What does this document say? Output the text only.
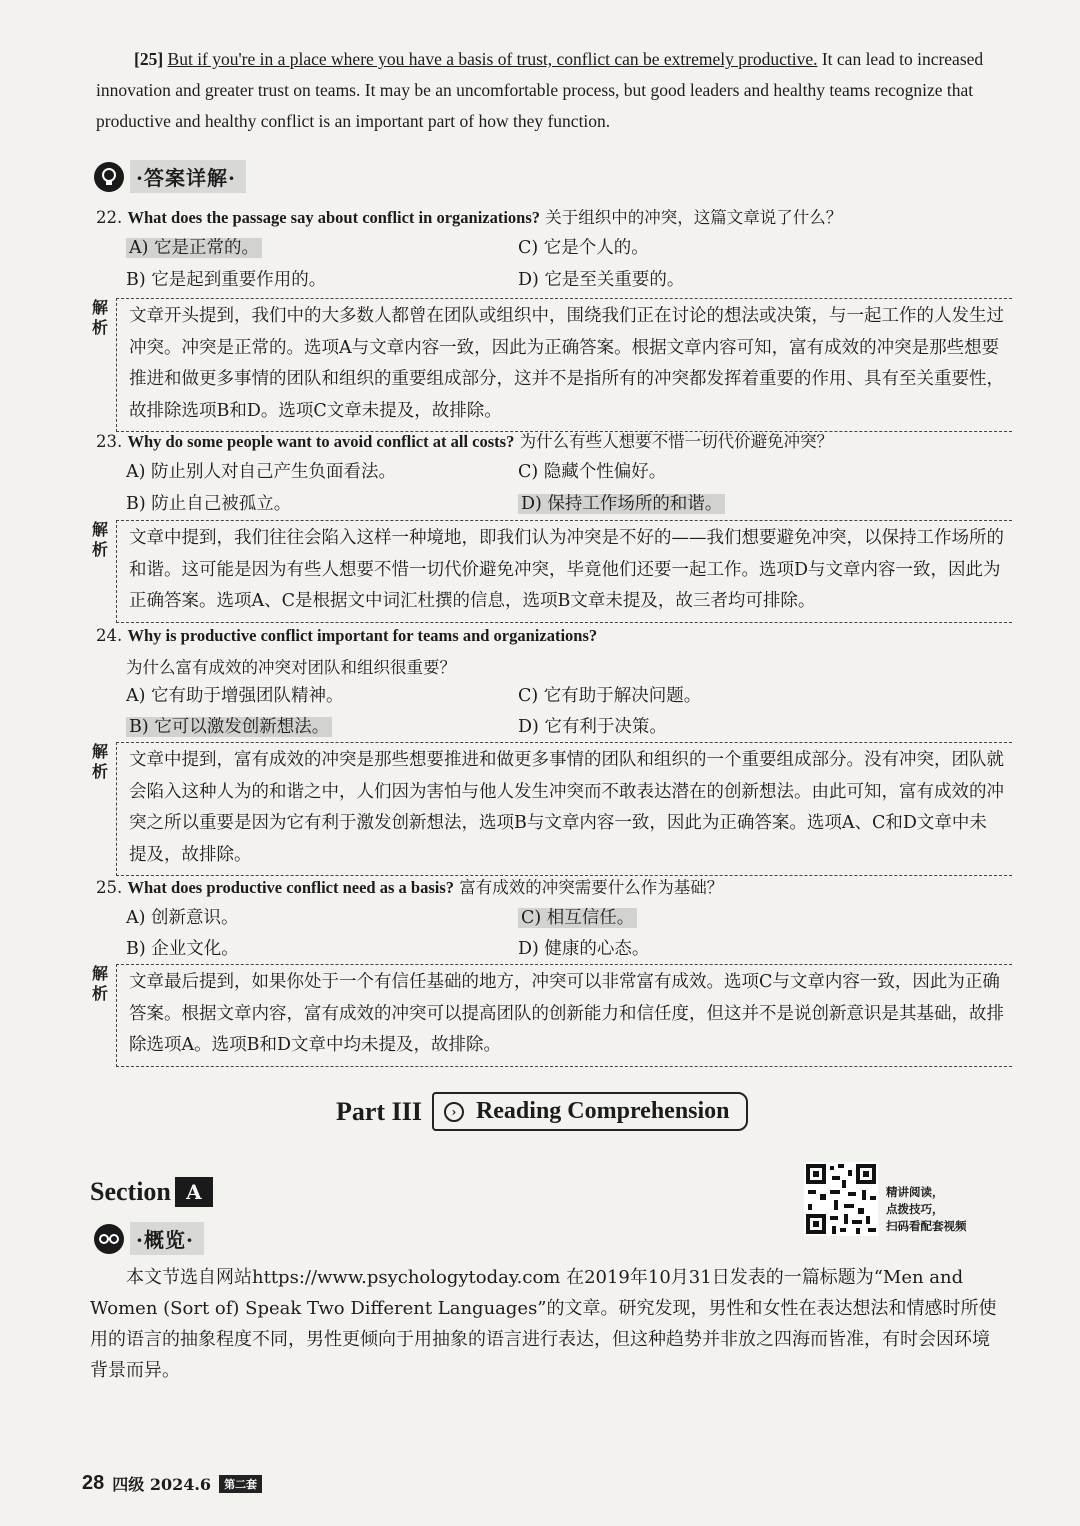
[25] But if you're in a place where you have a basis of trust, conflict can be extremely productive. It can lead to increased innovation and greater trust on teams. It may be an uncomfortable process, but good leaders and healthy teams recognize that productive and healthy conflict is an important part of how they function.
·答案详解·
22. What does the passage say about conflict in organizations? 关于组织中的冲突，这篇文章说了什么？
A) 它是正常的。	C) 它是个人的。
B) 它是起到重要作用的。	D) 它是至关重要的。
解析
文章开头提到，我们中的大多数人都曾在团队或组织中，围绕我们正在讨论的想法或决策，与一起工作的人发生过冲突。冲突是正常的。选项A与文章内容一致，因此为正确答案。根据文章内容可知，富有成效的冲突是那些想要推进和做更多事情的团队和组织的重要组成部分，这并不是指所有的冲突都发挥着重要的作用、具有至关重要性，故排除选项B和D。选项C文章未提及，故排除。
23. Why do some people want to avoid conflict at all costs? 为什么有些人想要不惜一切代价避免冲突？
A) 防止别人对自己产生负面看法。	C) 隐藏个性偏好。
B) 防止自己被孤立。	D) 保持工作场所的和谐。
解析
文章中提到，我们往往会陷入这样一种境地，即我们认为冲突是不好的——我们想要避免冲突，以保持工作场所的和谐。这可能是因为有些人想要不惜一切代价避免冲突，毕竟他们还要一起工作。选项D与文章内容一致，因此为正确答案。选项A、C是根据文中词汇杜撰的信息，选项B文章未提及，故三者均可排除。
24. Why is productive conflict important for teams and organizations?
为什么富有成效的冲突对团队和组织很重要？
A) 它有助于增强团队精神。	C) 它有助于解决问题。
B) 它可以激发创新想法。	D) 它有利于决策。
解析
文章中提到，富有成效的冲突是那些想要推进和做更多事情的团队和组织的一个重要组成部分。没有冲突，团队就会陷入这种人为的和谐之中，人们因为害怕与他人发生冲突而不敢表达潜在的创新想法。由此可知，富有成效的冲突之所以重要是因为它有利于激发创新想法，选项B与文章内容一致，因此为正确答案。选项A、C和D文章中未提及，故排除。
25. What does productive conflict need as a basis? 富有成效的冲突需要什么作为基础？
A) 创新意识。	C) 相互信任。
B) 企业文化。	D) 健康的心态。
解析
文章最后提到，如果你处于一个有信任基础的地方，冲突可以非常富有成效。选项C与文章内容一致，因此为正确答案。根据文章内容，富有成效的冲突可以提高团队的创新能力和信任度，但这并不是说创新意识是其基础，故排除选项A。选项B和D文章中均未提及，故排除。
Part III	› Reading Comprehension
Section A	精讲阅读，
点拨技巧，
扫码看配套视频
·概览·
本文节选自网站https://www.psychologytoday.com 在2019年10月31日发表的一篇标题为“Men and Women (Sort of) Speak Two Different Languages”的文章。研究发现，男性和女性在表达想法和情感时所使用的语言的抽象程度不同，男性更倾向于用抽象的语言进行表达，但这种趋势并非放之四海而皆准，有时会因环境背景而异。
28 四级 2024.6	第二套
